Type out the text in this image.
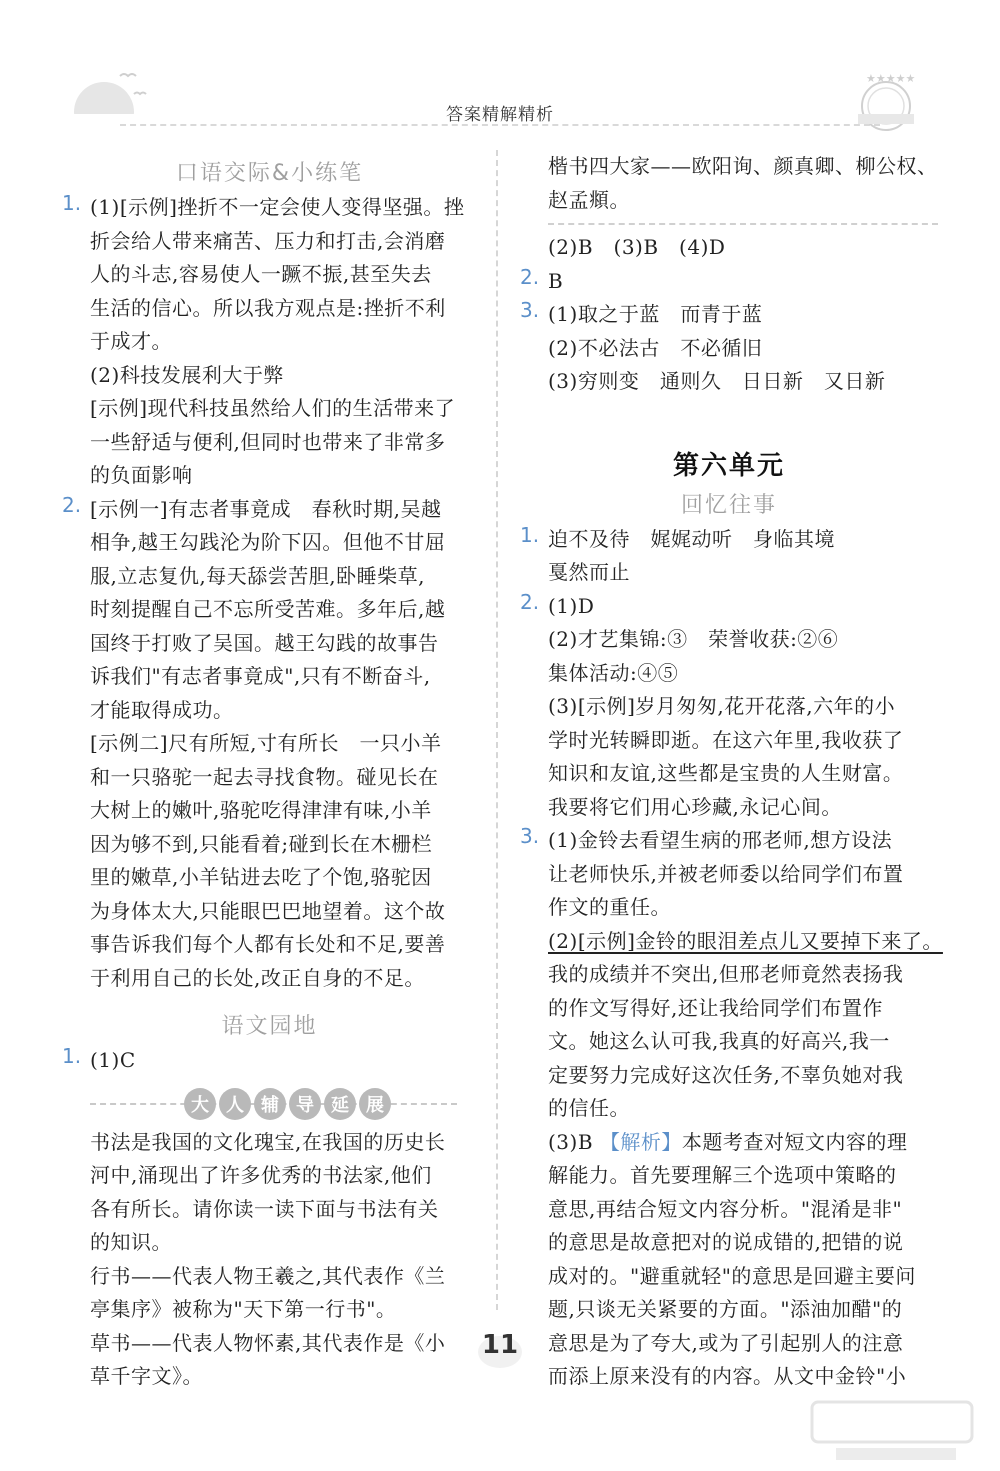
答案精解精析
★★★★★
口语交际&小练笔
1. (1)[示例]挫折不一定会使人变得坚强。挫
折会给人带来痛苦、压力和打击,会消磨
人的斗志,容易使人一蹶不振,甚至失去
生活的信心。所以我方观点是:挫折不利
于成才。
(2)科技发展利大于弊
[示例]现代科技虽然给人们的生活带来了
一些舒适与便利,但同时也带来了非常多
的负面影响
2. [示例一]有志者事竟成　春秋时期,吴越
相争,越王勾践沦为阶下囚。但他不甘屈
服,立志复仇,每天舔尝苦胆,卧睡柴草,
时刻提醒自己不忘所受苦难。多年后,越
国终于打败了吴国。越王勾践的故事告
诉我们"有志者事竟成",只有不断奋斗,
才能取得成功。
[示例二]尺有所短,寸有所长　一只小羊
和一只骆驼一起去寻找食物。碰见长在
大树上的嫩叶,骆驼吃得津津有味,小羊
因为够不到,只能看着;碰到长在木栅栏
里的嫩草,小羊钻进去吃了个饱,骆驼因
为身体太大,只能眼巴巴地望着。这个故
事告诉我们每个人都有长处和不足,要善
于利用自己的长处,改正自身的不足。
语文园地
1. (1)C
大 人 辅 导 延 展
书法是我国的文化瑰宝,在我国的历史长
河中,涌现出了许多优秀的书法家,他们
各有所长。请你读一读下面与书法有关
的知识。
行书——代表人物王羲之,其代表作《兰
亭集序》被称为"天下第一行书"。
草书——代表人物怀素,其代表作是《小
草千字文》。
楷书四大家——欧阳询、颜真卿、柳公权、
赵孟頫。
(2)B　(3)B　(4)D
2. B
3. (1)取之于蓝　而青于蓝
(2)不必法古　不必循旧
(3)穷则变　通则久　日日新　又日新
第六单元
回忆往事
1. 迫不及待　娓娓动听　身临其境
戛然而止
2. (1)D
(2)才艺集锦:③　荣誉收获:②⑥
集体活动:④⑤
(3)[示例]岁月匆匆,花开花落,六年的小
学时光转瞬即逝。在这六年里,我收获了
知识和友谊,这些都是宝贵的人生财富。
我要将它们用心珍藏,永记心间。
3. (1)金铃去看望生病的邢老师,想方设法
让老师快乐,并被老师委以给同学们布置
作文的重任。
(2)[示例]金铃的眼泪差点儿又要掉下来了。
我的成绩并不突出,但邢老师竟然表扬我
的作文写得好,还让我给同学们布置作
文。她这么认可我,我真的好高兴,我一
定要努力完成好这次任务,不辜负她对我
的信任。
(3)B 【解析】本题考查对短文内容的理
解能力。首先要理解三个选项中策略的
意思,再结合短文内容分析。"混淆是非"
的意思是故意把对的说成错的,把错的说
成对的。"避重就轻"的意思是回避主要问
题,只谈无关紧要的方面。"添油加醋"的
意思是为了夸大,或为了引起别人的注意
而添上原来没有的内容。从文中金铃"小
11
